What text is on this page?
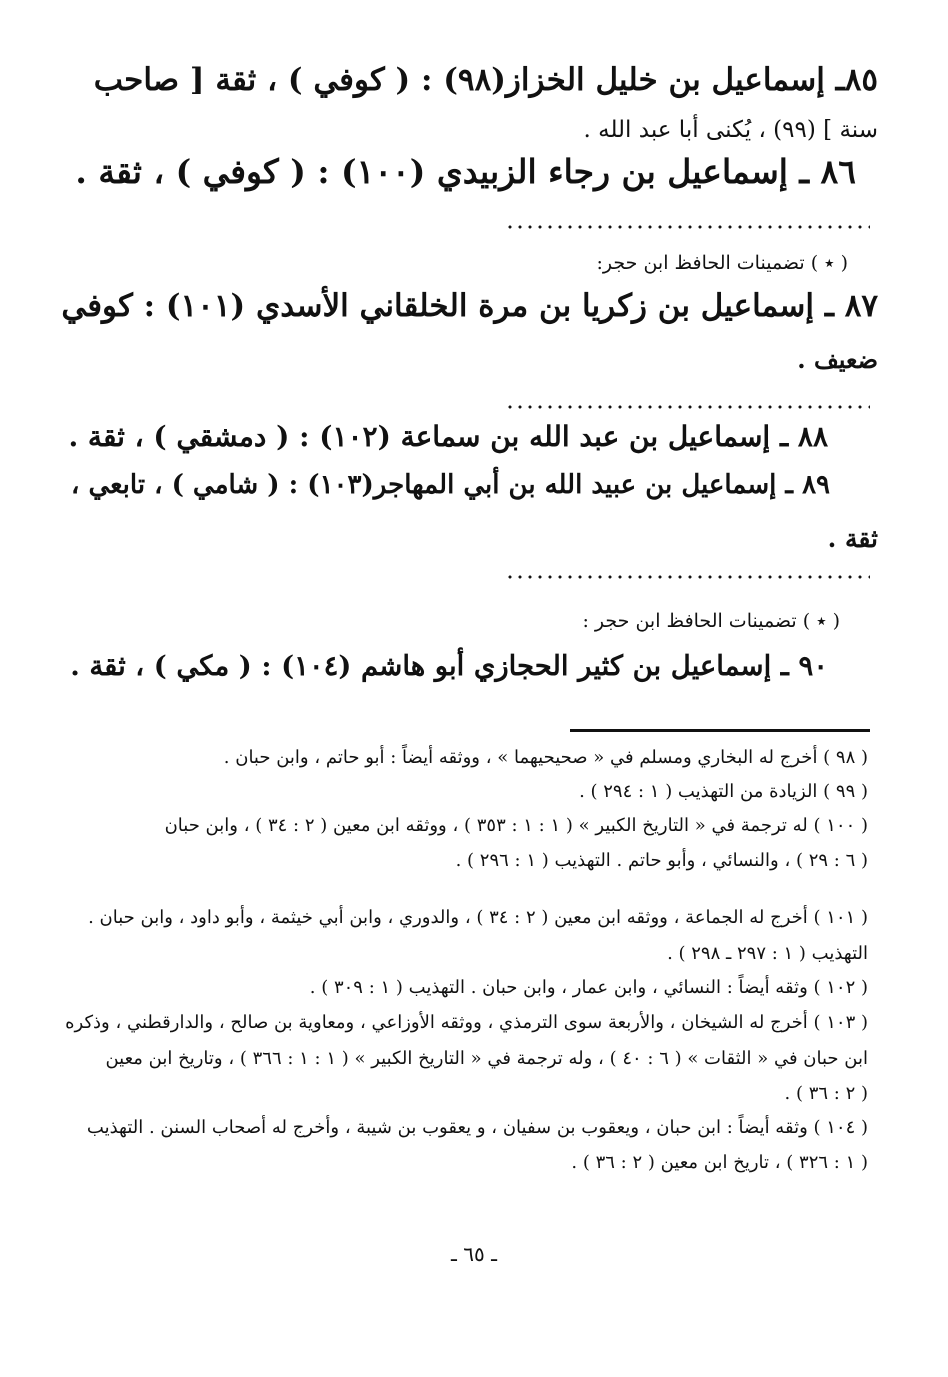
٨٥ـ إسماعيل بن خليل الخزاز(٩٨) : ( كوفي ) ، ثقة [ صاحب
سنة ] (٩٩) ، يُكنى أبا عبد الله .
٨٦ ـ إسماعيل بن رجاء الزبيدي (١٠٠) : ( كوفي ) ، ثقة .
( ٭ ) تضمينات الحافظ ابن حجر:
٨٧ ـ إسماعيل بن زكريا بن مرة الخلقاني الأسدي (١٠١) : كوفي
ضعيف .
٨٨ ـ إسماعيل بن عبد الله بن سماعة (١٠٢) : ( دمشقي ) ، ثقة .
٨٩ ـ إسماعيل بن عبيد الله بن أبي المهاجر(١٠٣) : ( شامي ) ، تابعي ،
ثقة .
( ٭ ) تضمينات الحافظ ابن حجر :
٩٠ ـ إسماعيل بن كثير الحجازي أبو هاشم (١٠٤) : ( مكي ) ، ثقة .
( ٩٨ ) أخرج له البخاري ومسلم في « صحيحيهما » ، ووثقه أيضاً : أبو حاتم ، وابن حبان .
( ٩٩ ) الزيادة من التهذيب ( ١ : ٢٩٤ ) .
( ١٠٠ ) له ترجمة في « التاريخ الكبير » ( ١ : ١ : ٣٥٣ ) ، ووثقه ابن معين ( ٢ : ٣٤ ) ، وابن حبان
( ٦ : ٢٩ ) ، والنسائي ، وأبو حاتم . التهذيب ( ١ : ٢٩٦ ) .
( ١٠١ ) أخرج له الجماعة ، ووثقه ابن معين ( ٢ : ٣٤ ) ، والدوري ، وابن أبي خيثمة ، وأبو داود ، وابن حبان .
التهذيب ( ١ : ٢٩٧ ـ ٢٩٨ ) .
( ١٠٢ ) وثقه أيضاً : النسائي ، وابن عمار ، وابن حبان . التهذيب ( ١ : ٣٠٩ ) .
( ١٠٣ ) أخرج له الشيخان ، والأربعة سوى الترمذي ، ووثقه الأوزاعي ، ومعاوية بن صالح ، والدارقطني ، وذكره
ابن حبان في « الثقات » ( ٦ : ٤٠ ) ، وله ترجمة في « التاريخ الكبير » ( ١ : ١ : ٣٦٦ ) ، وتاريخ ابن معين
( ٢ : ٣٦ ) .
( ١٠٤ ) وثقه أيضاً : ابن حبان ، ويعقوب بن سفيان ، و يعقوب بن شيبة ، وأخرج له أصحاب السنن . التهذيب
( ١ : ٣٢٦ ) ، تاريخ ابن معين ( ٢ : ٣٦ ) .
ـ ٦٥ ـ
